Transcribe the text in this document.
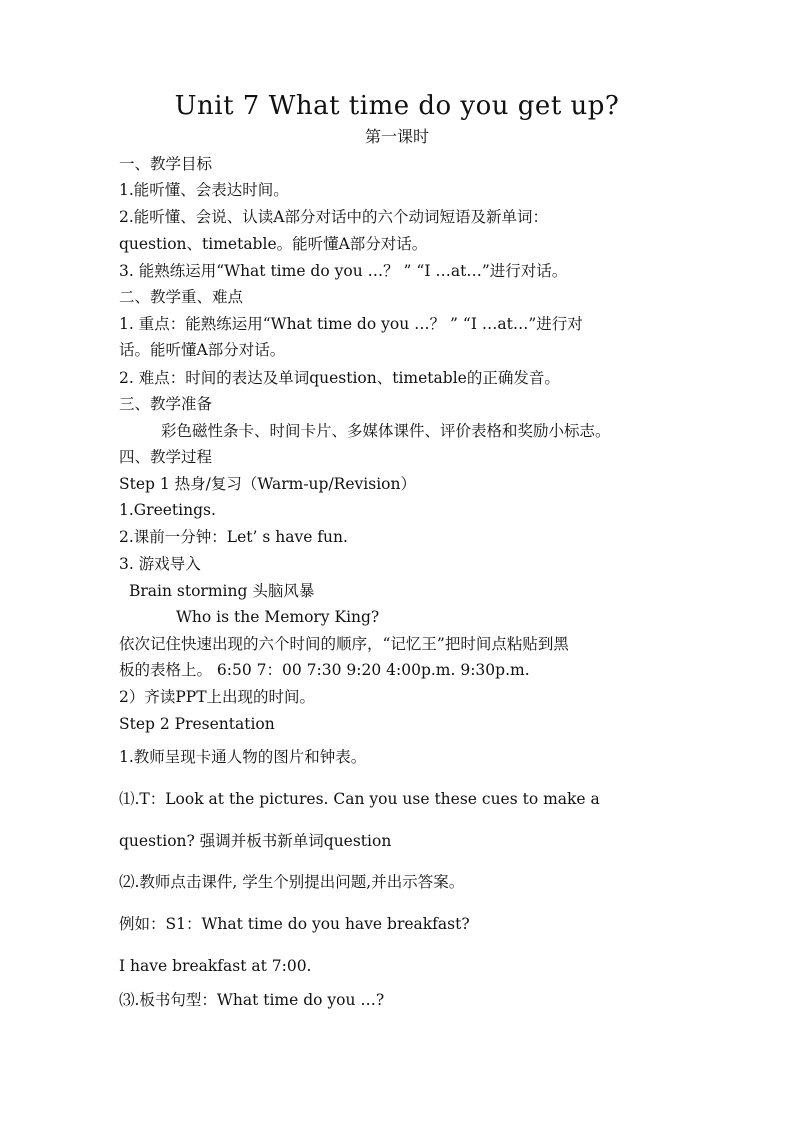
Unit 7 What time do you get up?
第一课时
一、教学目标
1.能听懂、会表达时间。
2.能听懂、会说、认读A部分对话中的六个动词短语及新单词：
question、timetable。能听懂A部分对话。
3. 能熟练运用“What time do you …？ ” “I …at…”进行对话。
二、教学重、难点
1. 重点：能熟练运用“What time do you …？ ” “I …at…”进行对
话。能听懂A部分对话。
2. 难点：时间的表达及单词question、timetable的正确发音。
三、教学准备
彩色磁性条卡、时间卡片、多媒体课件、评价表格和奖励小标志。
四、教学过程
Step 1 热身/复习（Warm-up/Revision）
1.Greetings.
2.课前一分钟：Let’ s have fun.
3. 游戏导入
Brain storming 头脑风暴
Who is the Memory King?
依次记住快速出现的六个时间的顺序，“记忆王”把时间点粘贴到黑
板的表格上。 6:50 7：00 7:30 9:20 4:00p.m. 9:30p.m.
2）齐读PPT上出现的时间。
Step 2 Presentation
1.教师呈现卡通人物的图片和钟表。
⑴.T：Look at the pictures. Can you use these cues to make a
question? 强调并板书新单词question
⑵.教师点击课件, 学生个别提出问题,并出示答案。
例如：S1：What time do you have breakfast?
I have breakfast at 7:00.
⑶.板书句型：What time do you …?
